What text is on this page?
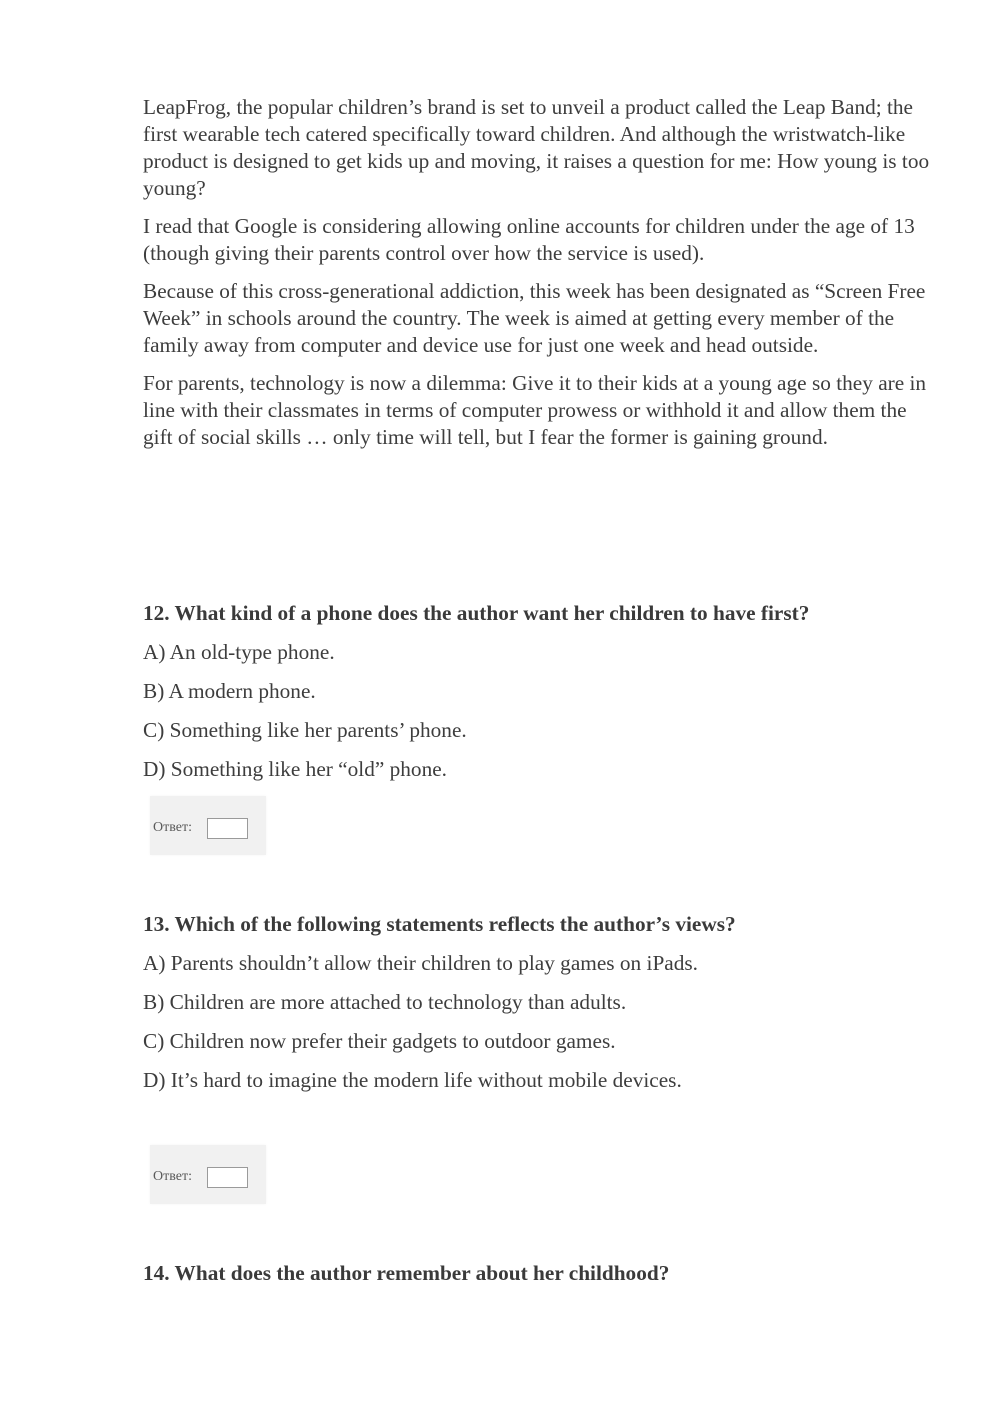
LeapFrog, the popular children’s brand is set to unveil a product called the Leap Band; the first wearable tech catered specifically toward children. And although the wristwatch-like product is designed to get kids up and moving, it raises a question for me: How young is too young?

I read that Google is considering allowing online accounts for children under the age of 13 (though giving their parents control over how the service is used).

Because of this cross-generational addiction, this week has been designated as “Screen Free Week” in schools around the country. The week is aimed at getting every member of the family away from computer and device use for just one week and head outside.

For parents, technology is now a dilemma: Give it to their kids at a young age so they are in line with their classmates in terms of computer prowess or withhold it and allow them the gift of social skills … only time will tell, but I fear the former is gaining ground.

12. What kind of a phone does the author want her children to have first?

A) An old-type phone.

B) A modern phone.

C) Something like her parents’ phone.

D) Something like her “old” phone.

Ответ:

13. Which of the following statements reflects the author’s views?

A) Parents shouldn’t allow their children to play games on iPads.

B) Children are more attached to technology than adults.

C) Children now prefer their gadgets to outdoor games.

D) It’s hard to imagine the modern life without mobile devices.

Ответ:

14. What does the author remember about her childhood?
